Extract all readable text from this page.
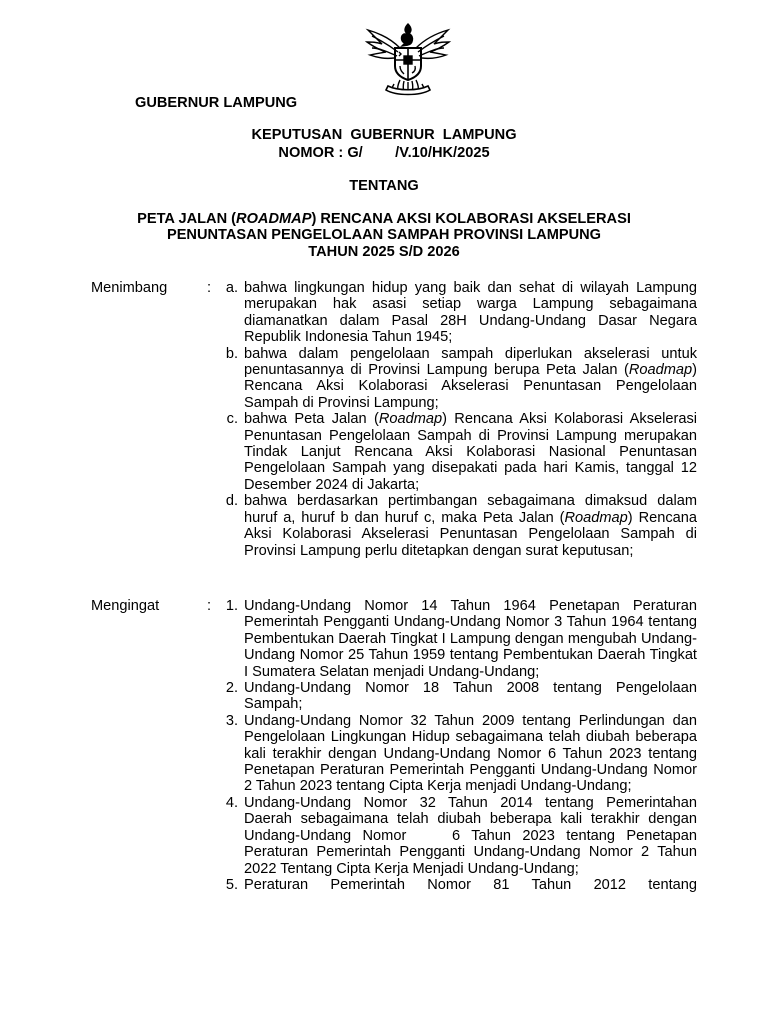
GUBERNUR LAMPUNG
KEPUTUSAN  GUBERNUR  LAMPUNG
NOMOR : G/        /V.10/HK/2025
TENTANG
PETA JALAN (ROADMAP) RENCANA AKSI KOLABORASI AKSELERASI
PENUNTASAN PENGELOLAAN SAMPAH PROVINSI LAMPUNG
TAHUN 2025 S/D 2026
Menimbang	: a. bahwa lingkungan hidup yang baik dan sehat di wilayah Lampung merupakan hak asasi setiap warga Lampung sebagaimana diamanatkan dalam Pasal 28H Undang-Undang Dasar Negara Republik Indonesia Tahun 1945;
b. bahwa dalam pengelolaan sampah diperlukan akselerasi untuk penuntasannya di Provinsi Lampung berupa Peta Jalan (Roadmap) Rencana Aksi Kolaborasi Akselerasi Penuntasan Pengelolaan Sampah di Provinsi Lampung;
c. bahwa Peta Jalan (Roadmap) Rencana Aksi Kolaborasi Akselerasi Penuntasan Pengelolaan Sampah di Provinsi Lampung merupakan Tindak Lanjut Rencana Aksi Kolaborasi Nasional Penuntasan Pengelolaan Sampah yang disepakati pada hari Kamis, tanggal 12 Desember 2024 di Jakarta;
d. bahwa berdasarkan pertimbangan sebagaimana dimaksud dalam huruf a, huruf b dan huruf c, maka Peta Jalan (Roadmap) Rencana Aksi Kolaborasi Akselerasi Penuntasan Pengelolaan Sampah di Provinsi Lampung perlu ditetapkan dengan surat keputusan;
Mengingat	: 1. Undang-Undang Nomor 14 Tahun 1964 Penetapan Peraturan Pemerintah Pengganti Undang-Undang Nomor 3 Tahun 1964 tentang Pembentukan Daerah Tingkat I Lampung dengan mengubah Undang-Undang Nomor 25 Tahun 1959 tentang Pembentukan Daerah Tingkat I Sumatera Selatan menjadi Undang-Undang;
2. Undang-Undang Nomor 18 Tahun 2008 tentang Pengelolaan Sampah;
3. Undang-Undang Nomor 32 Tahun 2009 tentang Perlindungan dan Pengelolaan Lingkungan Hidup sebagaimana telah diubah beberapa kali terakhir dengan Undang-Undang Nomor 6 Tahun 2023 tentang Penetapan Peraturan Pemerintah Pengganti Undang-Undang Nomor 2 Tahun 2023 tentang Cipta Kerja menjadi Undang-Undang;
4. Undang-Undang Nomor 32 Tahun 2014 tentang Pemerintahan Daerah sebagaimana telah diubah beberapa kali terakhir dengan Undang-Undang Nomor    6 Tahun 2023 tentang Penetapan Peraturan Pemerintah Pengganti Undang-Undang Nomor 2 Tahun 2022 Tentang Cipta Kerja Menjadi Undang-Undang;
5. Peraturan Pemerintah Nomor 81 Tahun 2012 tentang
